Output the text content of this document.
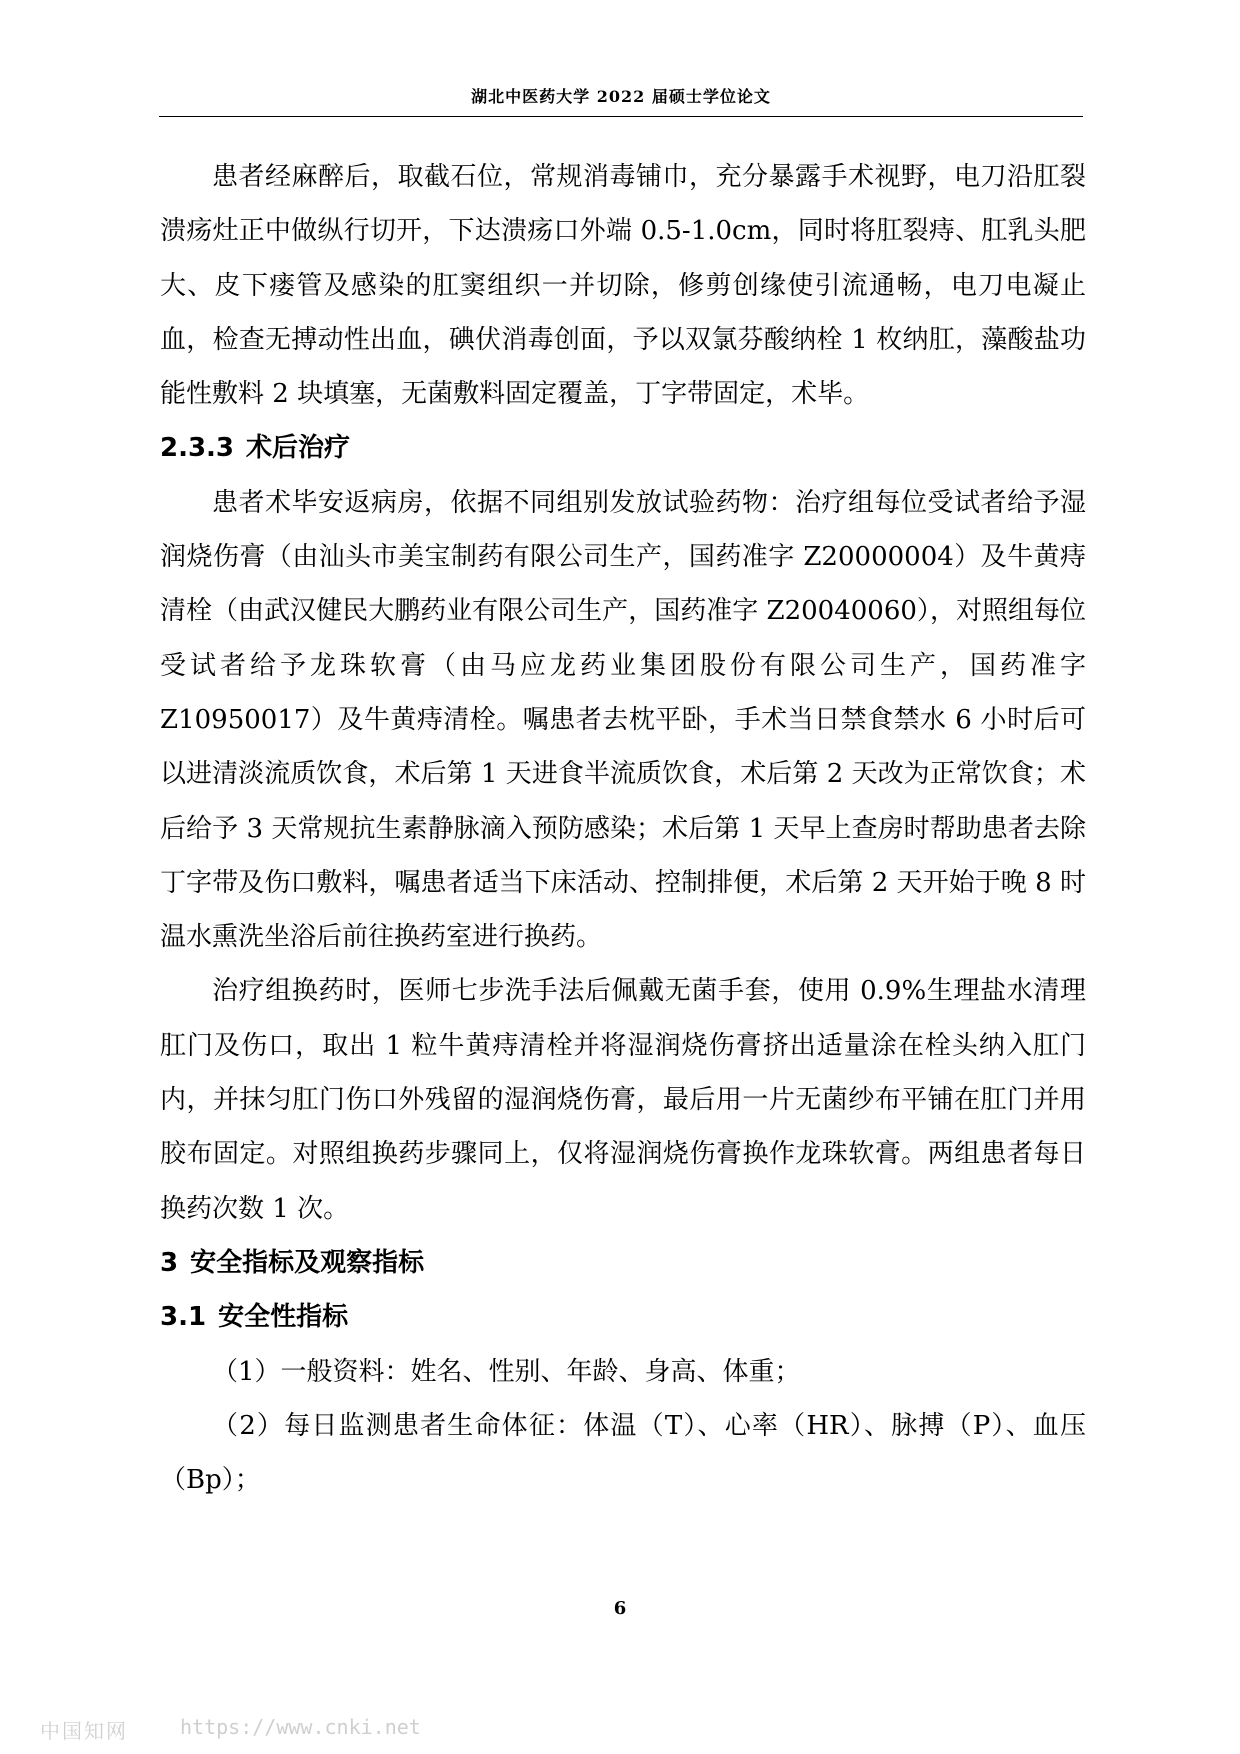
湖北中医药大学 2022 届硕士学位论文

患者经麻醉后，取截石位，常规消毒铺巾，充分暴露手术视野，电刀沿肛裂溃疡灶正中做纵行切开，下达溃疡口外端 0.5-1.0cm，同时将肛裂痔、肛乳头肥大、皮下瘘管及感染的肛窦组织一并切除，修剪创缘使引流通畅，电刀电凝止血，检查无搏动性出血，碘伏消毒创面，予以双氯芬酸纳栓 1 枚纳肛，藻酸盐功能性敷料 2 块填塞，无菌敷料固定覆盖，丁字带固定，术毕。

2.3.3 术后治疗

患者术毕安返病房，依据不同组别发放试验药物：治疗组每位受试者给予湿润烧伤膏（由汕头市美宝制药有限公司生产，国药准字 Z20000004）及牛黄痔清栓（由武汉健民大鹏药业有限公司生产，国药准字 Z20040060），对照组每位受试者给予龙珠软膏（由马应龙药业集团股份有限公司生产，国药准字 Z10950017）及牛黄痔清栓。嘱患者去枕平卧，手术当日禁食禁水 6 小时后可以进清淡流质饮食，术后第 1 天进食半流质饮食，术后第 2 天改为正常饮食；术后给予 3 天常规抗生素静脉滴入预防感染；术后第 1 天早上查房时帮助患者去除丁字带及伤口敷料，嘱患者适当下床活动、控制排便，术后第 2 天开始于晚 8 时温水熏洗坐浴后前往换药室进行换药。

治疗组换药时，医师七步洗手法后佩戴无菌手套，使用 0.9%生理盐水清理肛门及伤口，取出 1 粒牛黄痔清栓并将湿润烧伤膏挤出适量涂在栓头纳入肛门内，并抹匀肛门伤口外残留的湿润烧伤膏，最后用一片无菌纱布平铺在肛门并用胶布固定。对照组换药步骤同上，仅将湿润烧伤膏换作龙珠软膏。两组患者每日换药次数 1 次。

3 安全指标及观察指标

3.1 安全性指标

（1）一般资料：姓名、性别、年龄、身高、体重；

（2）每日监测患者生命体征：体温（T）、心率（HR）、脉搏（P）、血压（Bp）；

6
中国知网	https://www.cnki.net
